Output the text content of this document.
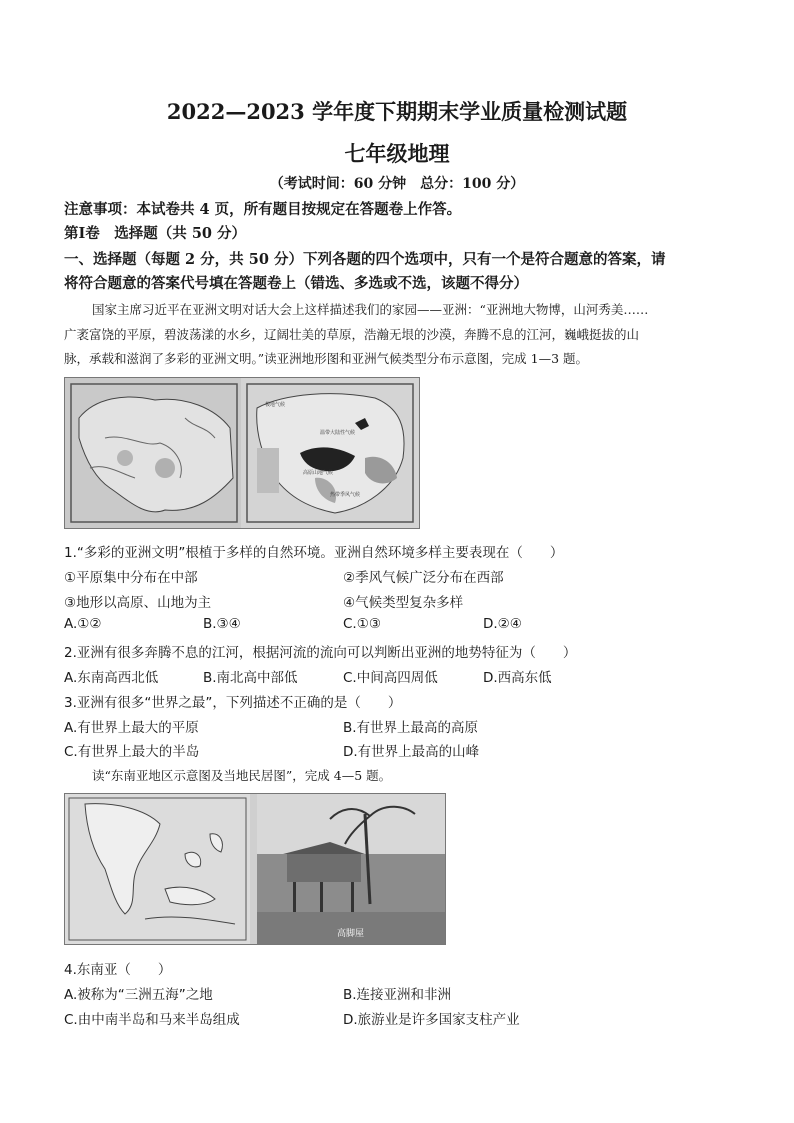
2022—2023 学年度下期期末学业质量检测试题
七年级地理
（考试时间：60 分钟　总分：100 分）
注意事项：本试卷共 4 页，所有题目按规定在答题卷上作答。
第Ⅰ卷　选择题（共 50 分）
一、选择题（每题 2 分，共 50 分）下列各题的四个选项中，只有一个是符合题意的答案，请
将符合题意的答案代号填在答题卷上（错选、多选或不选，该题不得分）
国家主席习近平在亚洲文明对话大会上这样描述我们的家园——亚洲：“亚洲地大物博，山河秀美……
广袤富饶的平原，碧波荡漾的水乡，辽阔壮美的草原，浩瀚无垠的沙漠，奔腾不息的江河，巍峨挺拔的山
脉，承载和滋润了多彩的亚洲文明。”读亚洲地形图和亚洲气候类型分布示意图，完成 1—3 题。
极地气候
温带大陆性气候
高原山地气候
热带季风气候
1.“多彩的亚洲文明”根植于多样的自然环境。亚洲自然环境多样主要表现在（　　）
①平原集中分布在中部	②季风气候广泛分布在西部
③地形以高原、山地为主	④气候类型复杂多样
A.①②	B.③④	C.①③	D.②④
2.亚洲有很多奔腾不息的江河，根据河流的流向可以判断出亚洲的地势特征为（　　）
A.东南高西北低	B.南北高中部低	C.中间高四周低	D.西高东低
3.亚洲有很多“世界之最”，下列描述不正确的是（　　）
A.有世界上最大的平原	B.有世界上最高的高原
C.有世界上最大的半岛	D.有世界上最高的山峰
读“东南亚地区示意图及当地民居图”，完成 4—5 题。
高脚屋
4.东南亚（　　）
A.被称为“三洲五海”之地	B.连接亚洲和非洲
C.由中南半岛和马来半岛组成	D.旅游业是许多国家支柱产业
